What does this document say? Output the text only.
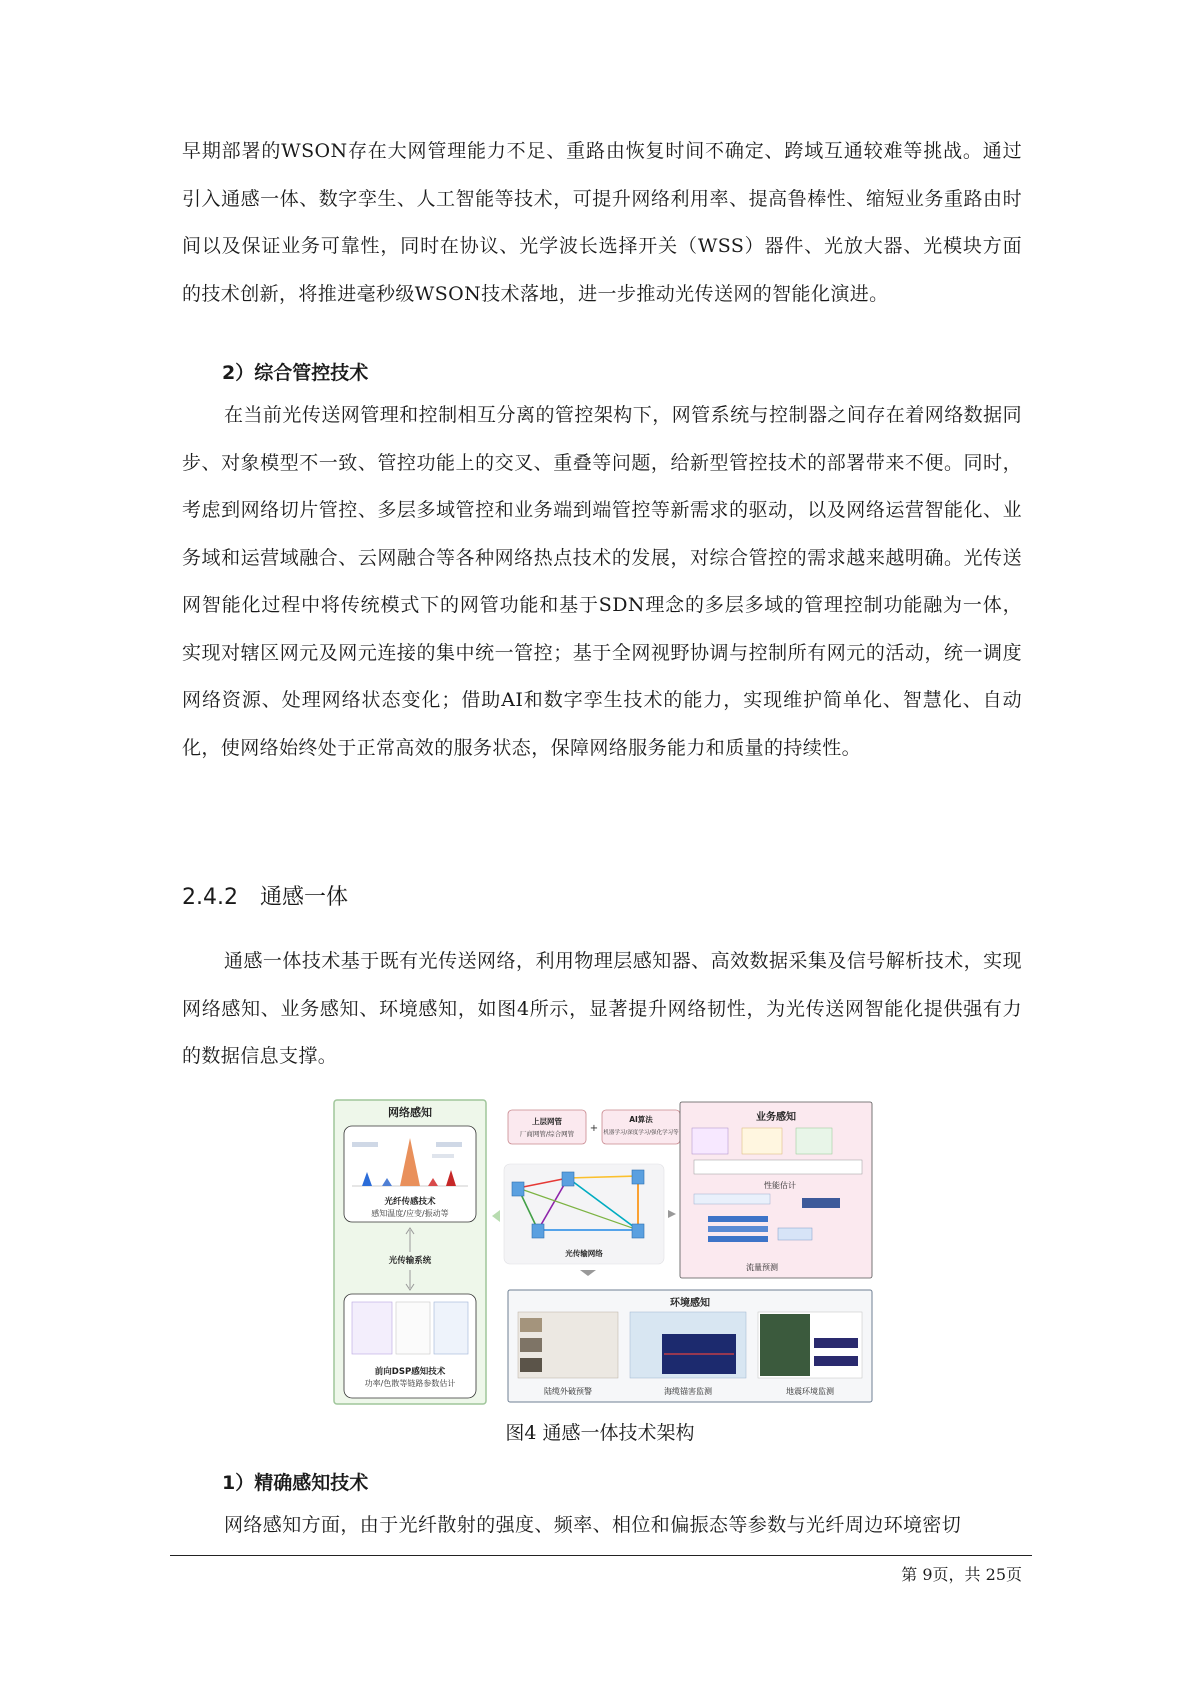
早期部署的WSON存在大网管理能力不足、重路由恢复时间不确定、跨域互通较难等挑战。通过引入通感一体、数字孪生、人工智能等技术，可提升网络利用率、提高鲁棒性、缩短业务重路由时间以及保证业务可靠性，同时在协议、光学波长选择开关（WSS）器件、光放大器、光模块方面的技术创新，将推进毫秒级WSON技术落地，进一步推动光传送网的智能化演进。

2）综合管控技术

在当前光传送网管理和控制相互分离的管控架构下，网管系统与控制器之间存在着网络数据同步、对象模型不一致、管控功能上的交叉、重叠等问题，给新型管控技术的部署带来不便。同时，考虑到网络切片管控、多层多域管控和业务端到端管控等新需求的驱动，以及网络运营智能化、业务域和运营域融合、云网融合等各种网络热点技术的发展，对综合管控的需求越来越明确。光传送网智能化过程中将传统模式下的网管功能和基于SDN理念的多层多域的管理控制功能融为一体，实现对辖区网元及网元连接的集中统一管控；基于全网视野协调与控制所有网元的活动，统一调度网络资源、处理网络状态变化；借助AI和数字孪生技术的能力，实现维护简单化、智慧化、自动化，使网络始终处于正常高效的服务状态，保障网络服务能力和质量的持续性。

2.4.2 通感一体

通感一体技术基于既有光传送网络，利用物理层感知器、高效数据采集及信号解析技术，实现网络感知、业务感知、环境感知，如图4所示，显著提升网络韧性，为光传送网智能化提供强有力的数据信息支撑。

网络感知
光纤传感技术
感知温度/应变/振动等
光传输系统
前向DSP感知技术
功率/色散等链路参数估计
上层网管
厂商网管/综合网管 +
AI算法
机器学习/深度学习/强化学习等
光传输网络
业务感知
性能估计
流量预测
环境感知
陆缆外破预警	海缆锚害监测	地震环境监测

图4 通感一体技术架构

1）精确感知技术

网络感知方面，由于光纤散射的强度、频率、相位和偏振态等参数与光纤周边环境密切

第 9页，共 25页
